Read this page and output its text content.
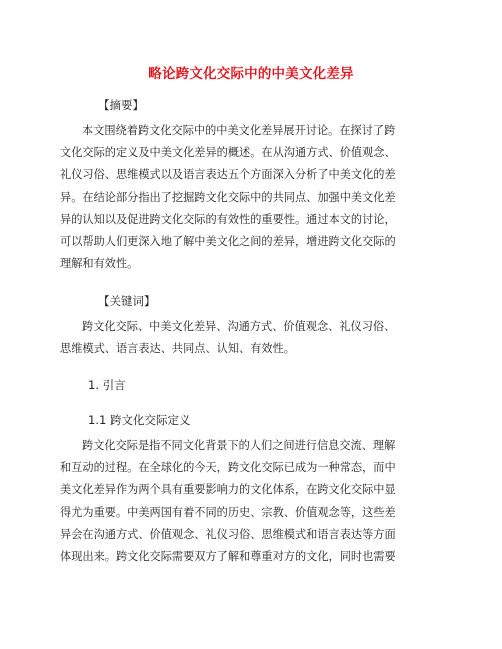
略论跨文化交际中的中美文化差异
【摘要】
本文围绕着跨文化交际中的中美文化差异展开讨论。在探讨了跨
文化交际的定义及中美文化差异的概述。在从沟通方式、价值观念、
礼仪习俗、思维模式以及语言表达五个方面深入分析了中美文化的差
异。在结论部分指出了挖掘跨文化交际中的共同点、加强中美文化差
异的认知以及促进跨文化交际的有效性的重要性。通过本文的讨论，
可以帮助人们更深入地了解中美文化之间的差异，增进跨文化交际的
理解和有效性。
【关键词】
跨文化交际、中美文化差异、沟通方式、价值观念、礼仪习俗、
思维模式、语言表达、共同点、认知、有效性。
1. 引言
1.1 跨文化交际定义
跨文化交际是指不同文化背景下的人们之间进行信息交流、理解
和互动的过程。在全球化的今天，跨文化交际已成为一种常态，而中
美文化差异作为两个具有重要影响力的文化体系，在跨文化交际中显
得尤为重要。中美两国有着不同的历史、宗教、价值观念等，这些差
异会在沟通方式、价值观念、礼仪习俗、思维模式和语言表达等方面
体现出来。跨文化交际需要双方了解和尊重对方的文化，同时也需要
